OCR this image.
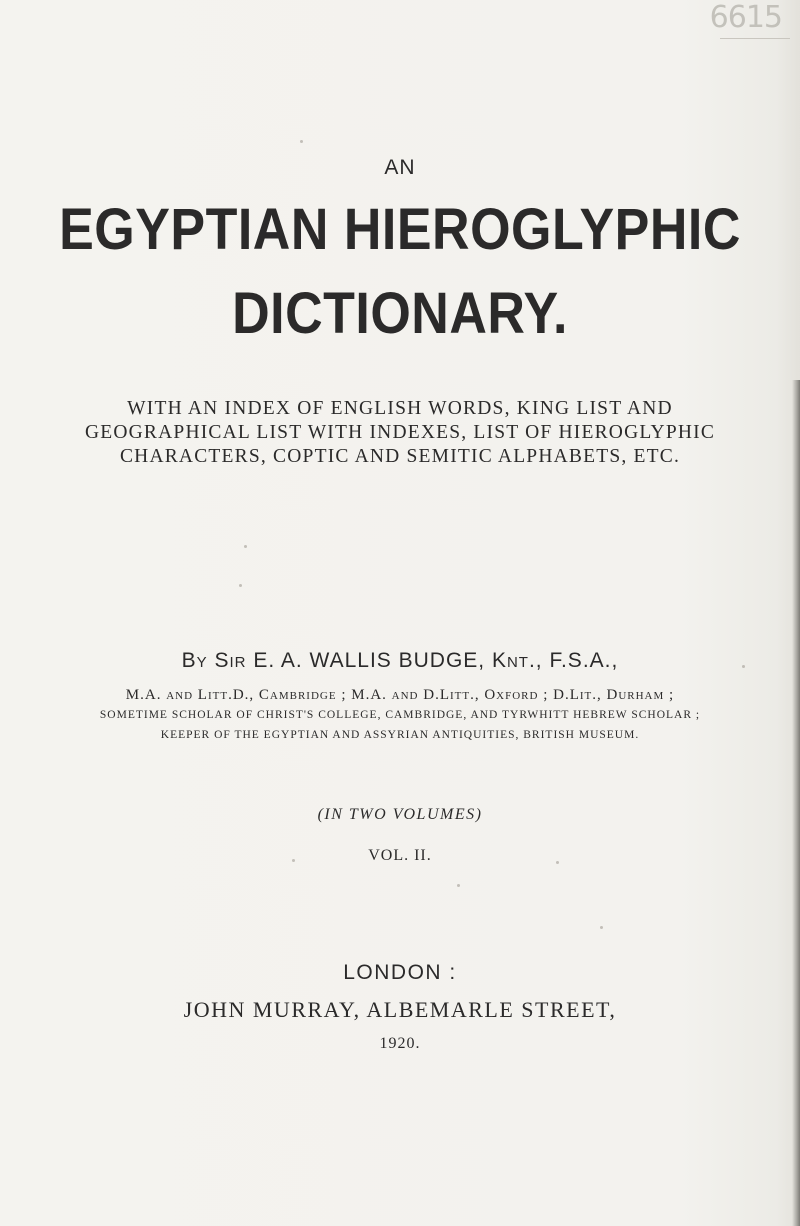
6615
AN
EGYPTIAN HIEROGLYPHIC
DICTIONARY.
WITH AN INDEX OF ENGLISH WORDS, KING LIST AND
GEOGRAPHICAL LIST WITH INDEXES, LIST OF HIEROGLYPHIC
CHARACTERS, COPTIC AND SEMITIC ALPHABETS, ETC.
By Sir E. A. WALLIS BUDGE, Knt., F.S.A.,
M.A. and Litt.D., Cambridge ; M.A. and D.Litt., Oxford ; D.Lit., Durham ;
SOMETIME SCHOLAR OF CHRIST'S COLLEGE, CAMBRIDGE, AND TYRWHITT HEBREW SCHOLAR ;
KEEPER OF THE EGYPTIAN AND ASSYRIAN ANTIQUITIES, BRITISH MUSEUM.
(IN TWO VOLUMES)
VOL. II.
LONDON :
JOHN MURRAY, ALBEMARLE STREET,
1920.
